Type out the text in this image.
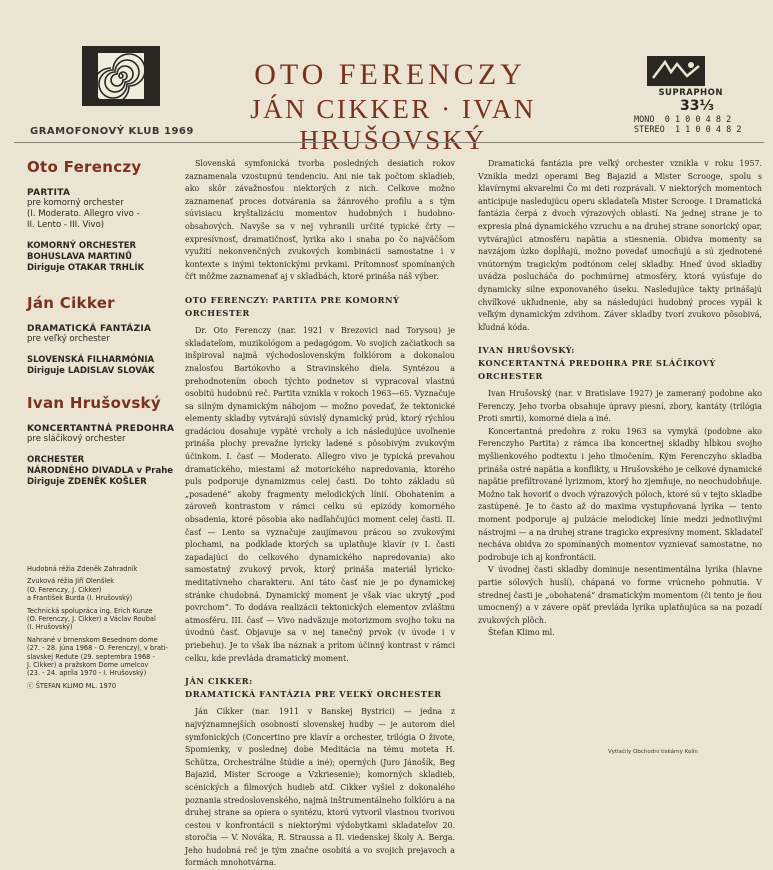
GRAMOFONOVÝ KLUB 1969
OTO FERENCZY
JÁN CIKKER · IVAN HRUŠOVSKÝ
SUPRAPHON
33⅓
MONO  0 1 0 0 4 8 2
STEREO  1 1 0 0 4 8 2
Oto Ferenczy
PARTITA
pre komorný orchester
(I. Moderato. Allegro vivo -
II. Lento - III. Vivo)
KOMORNÝ ORCHESTER
BOHUSLAVA MARTINŮ
Diriguje OTAKAR TRHLÍK
Ján Cikker
DRAMATICKÁ FANTÁZIA
pre veľký orchester
SLOVENSKÁ FILHARMÓNIA
Diriguje LADISLAV SLOVÁK
Ivan Hrušovský
KONCERTANTNÁ PREDOHRA
pre sláčikový orchester
ORCHESTER
NÁRODNÉHO DIVADLA v Prahe
Diriguje ZDENĚK KOŠLER
Hudobná réžia Zdeněk Zahradník
Zvuková réžia Jiří Olenšlek
(O. Ferenczy, J. Cikker)
a František Burda (I. Hrušovský)
Technická spolupráca ing. Erich Kunze
(O. Ferenczy, J. Cikker) a Václav Roubal
(I. Hrušovský)
Nahrané v brnenskom Besednom dome
(27. - 28. júna 1968 - O. Ferenczy), v brati-
slavskej Redute (29. septembra 1968 -
J. Cikker) a pražskom Dome umelcov
(23. - 24. apríla 1970 - I. Hrušovský)
ⓒ ŠTEFAN KLIMO ML. 1970

Slovenská symfonická tvorba posledných desiatich rokov zaznamenala vzostupnú tendenciu. Ani nie tak počtom skladieb, ako skôr závažnosťou niektorých z nich. Celkove možno zaznamenať proces dotvárania sa žánrového profilu a s tým súvisiacu kryštalizáciu momentov hudobných i hudobno-obsahových. Navyše sa v nej vyhranili určité typické črty — expresívnosť, dramatičnosť, lyrika ako i snaha po čo najväčšom využití nekonvenčných zvukových kombinácií samostatne i v kontexte s inými tektonickými prvkami. Prítomnosť spomínaných čŕt môžme zaznamenať aj v skladbách, ktoré prináša náš výber.

OTO FERENCZY: PARTITA PRE KOMORNÝ ORCHESTER

Dr. Oto Ferenczy (nar. 1921 v Brezovici nad Torysou) je skladateľom, muzikológom a pedagógom. Vo svojich začiatkoch sa inšpiroval najmä východoslovenským folklórom a dokonalou znalosťou Bartókovho a Stravinského diela. Syntézou a prehodnotením oboch týchto podnetov si vypracoval vlastnú osobitú hudobnú reč. Partita vznikla v rokoch 1963—65. Vyznačuje sa silným dynamickým nábojom — možno povedať, že tektonické elementy skladby vytvárajú súvislý dynamický prúd, ktorý rýchlou gradáciou dosahuje vypäté vrcholy a ich následujúce uvoľnenie prináša plochy prevažne lyricky ladené s pôsobivým zvukovým účinkom. I. časť — Moderato. Allegro vivo je typická prevahou dramatického, miestami až motorického napredovania, ktorého puls podporuje dynamizmus celej časti. Do tohto základu sú „posadené“ akoby fragmenty melodických línií. Obohatením a zároveň kontrastom v rámci celku sú epizódy komorného obsadenia, ktoré pôsobia ako nadľahčujúci moment celej časti. II. časť — Lento sa vyznačuje zaujímavou prácou so zvukovými plochami, na podklade ktorých sa uplatňuje klavír (v I. časti zapadajúci do celkového dynamického napredovania) ako samostatný zvukový prvok, ktorý prináša materiál lyricko-meditatívneho charakteru. Ani táto časť nie je po dynamickej stránke chudobná. Dynamický moment je však viac ukrytý „pod povrchom“. To dodáva realizácii tektonických elementov zvláštnu atmosféru. III. časť — Vivo nadväzuje motorizmom svojho toku na úvodnú časť. Objavuje sa v nej tanečný prvok (v úvode i v priebehu). Je to však iba náznak a prítom účinný kontrast v rámci celku, kde prevláda dramatický moment.

JÁN CIKKER:
DRAMATICKÁ FANTÁZIA PRE VEĽKÝ ORCHESTER

Ján Cikker (nar. 1911 v Banskej Bystrici) — jedna z najvýznamnejších osobností slovenskej hudby — je autorom diel symfonických (Concertino pre klavír a orchester, trilógia O živote, Spomienky, v poslednej dobe Meditácia na tému moteta H. Schütza, Orchestrálne štúdie a iné); operných (Juro Jánošík, Beg Bajazid, Mister Scrooge a Vzkriesenie); komorných skladieb, scénických a filmových hudieb atď. Cikker vyšiel z dokonalého poznania stredoslovenského, najmä inštrumentálneho folklóru a na druhej strane sa opiera o syntézu, ktorú vytvoril vlastnou tvorivou cestou v konfrontácii s niektorými výdobytkami skladateľov 20. storočia — V. Nováka, R. Straussa a II. viedenskej školy A. Berga. Jeho hudobná reč je tým značne osobitá a vo svojich prejavoch a formách mnohotvárna.

Dramatická fantázia pre veľký orchester vznikla v roku 1957. Vznikla medzi operami Beg Bajazid a Mister Scrooge, spolu s klavírnymi akvarelmi Čo mi deti rozprávali. V niektorých momentoch anticipuje nasledujúcu operu skladateľa Mister Scrooge. I Dramatická fantázia čerpá z dvoch výrazových oblastí. Na jednej strane je to expresia plná dynamického vzruchu a na druhej strane sonorický opar, vytvárajúci atmosféru napätia a stiesnenia. Obidva momenty sa navzájom úzko dopĺňajú, možno povedať umocňujú a sú zjednotené vnútorným tragickým podtónom celej skladby. Hneď úvod skladby uvádza poslucháča do pochmúrnej atmosféry, ktorá vyúsťuje do dynamicky silne exponovaného úseku. Nasledujúce takty prinášajú chvíľkové ukľudnenie, aby sa následujúci hudobný proces vypäl k veľkým dynamickým zdvihom. Záver skladby tvorí zvukovo pôsobivá, kľudná kóda.

IVAN HRUŠOVSKÝ:
KONCERTANTNÁ PREDOHRA PRE SLÁČIKOVÝ ORCHESTER

Ivan Hrušovský (nar. v Bratislave 1927) je zameraný podobne ako Ferenczy. Jeho tvorba obsahuje úpravy piesní, zbory, kantáty (trilógia Proti smrti), komorné diela a iné.

Koncertantná predohra z roku 1963 sa vymyká (podobne ako Ferenczyho Partita) z rámca iba koncertnej skladby hĺbkou svojho myšlienkového podtextu i jeho tlmočením. Kým Ferenczyho skladba prináša ostré napätia a konflikty, u Hrušovského je celkové dynamické napätie prefiltrované lyrizmom, ktorý ho zjemňuje, no neochudobňuje. Možno tak hovoriť o dvoch výrazových póloch, ktoré sú v tejto skladbe zastúpené. Je to často až do maxima vystupňovaná lyrika — tento moment podporuje aj pulzácie melodickej línie medzi jednotlivými nástrojmi — a na druhej strane tragicko expresívny moment. Skladateľ necháva obidva zo spomínaných momentov vyznievať samostatne, no podrobuje ich aj konfrontácii.

V úvodnej časti skladby dominuje nesentimentálna lyrika (hlavne partie sólových huslí), chápaná vo forme vrúcneho pohnutia. V strednej časti je „obohatená“ dramatickým momentom (či tento je ňou umocnený) a v závere opäť prevláda lyrika uplatňujúca sa na pozadí zvukových plôch.

Štefan Klimo ml.

Vytlačily Obchodní tiskárny Kolín
